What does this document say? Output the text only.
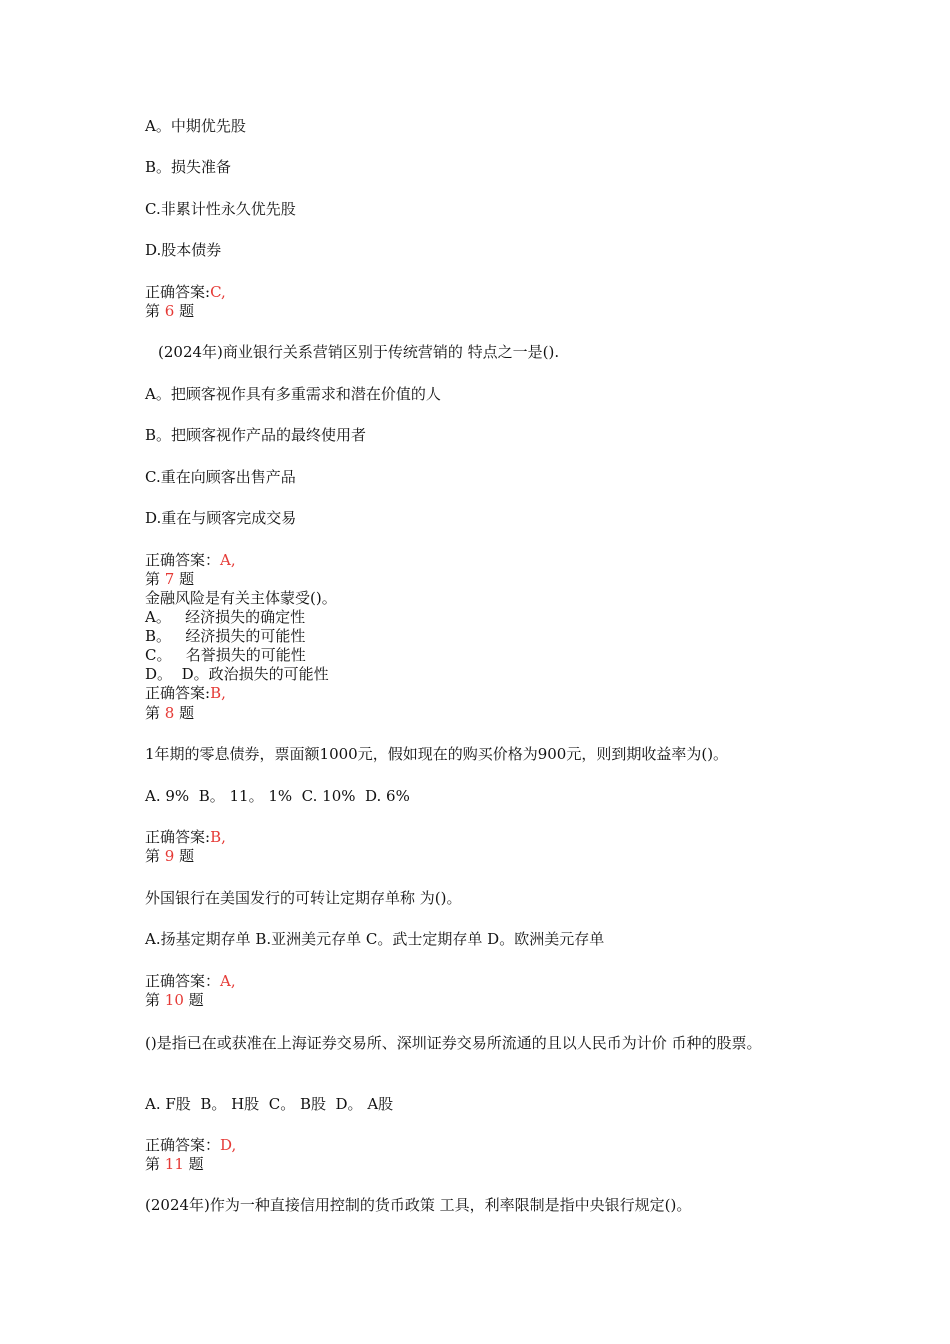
A。中期优先股
B。损失准备
C.非累计性永久优先股
D.股本债券
正确答案:C,
第 6 题
(2024年)商业银行关系营销区别于传统营销的 特点之一是().
A。把顾客视作具有多重需求和潜在价值的人
B。把顾客视作产品的最终使用者
C.重在向顾客出售产品
D.重在与顾客完成交易
正确答案：A,
第 7 题
金融风险是有关主体蒙受()。
A。   经济损失的确定性
B。   经济损失的可能性
C。   名誉损失的可能性
D。  D。政治损失的可能性
正确答案:B,
第 8 题
1年期的零息债券，票面额1000元，假如现在的购买价格为900元，则到期收益率为()。
A. 9%  B。 11。 1%  C. 10%  D. 6%
正确答案:B,
第 9 题
外国银行在美国发行的可转让定期存单称 为()。
A.扬基定期存单 B.亚洲美元存单 C。武士定期存单 D。欧洲美元存单
正确答案：A,
第 10 题
()是指已在或获准在上海证券交易所、深圳证券交易所流通的且以人民币为计价 币种的股票。
A. F股  B。 H股  C。 B股  D。 A股
正确答案：D,
第 11 题
(2024年)作为一种直接信用控制的货币政策 工具，利率限制是指中央银行规定()。
